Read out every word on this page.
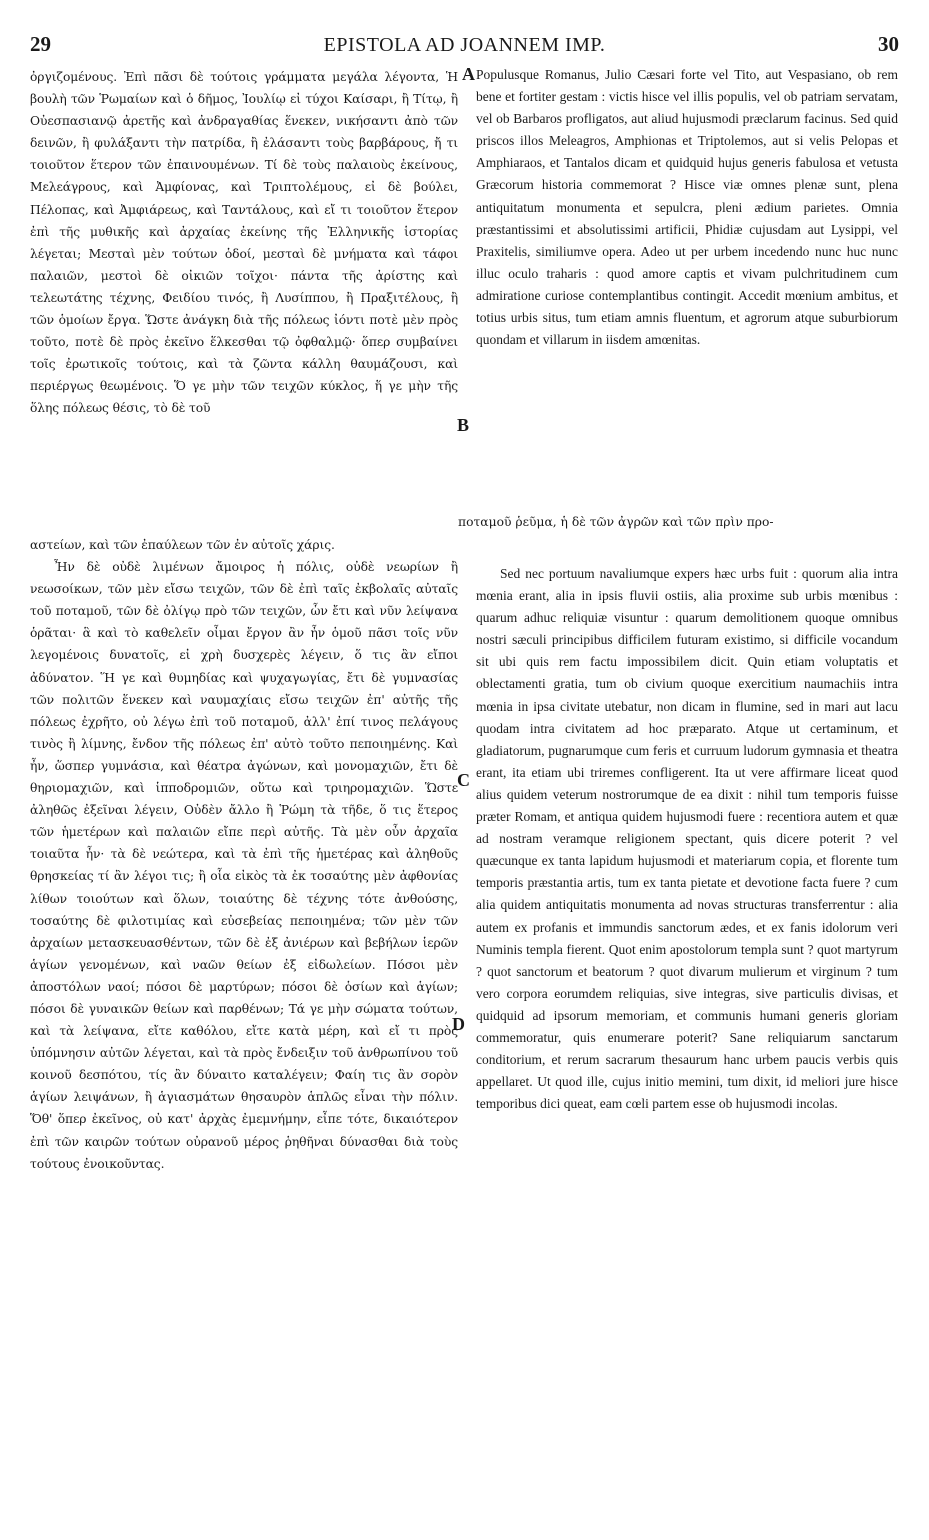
29	EPISTOLA AD JOANNEM IMP.	30

ὀργιζομένους. Ἐπὶ πᾶσι δὲ τούτοις γράμματα μεγάλα λέγοντα, Ἡ βουλὴ τῶν Ῥωμαίων καὶ ὁ δῆμος, Ἰουλίῳ εἰ τύχοι Καίσαρι, ἢ Τίτῳ, ἢ Οὐεσπασιανῷ ἀρετῆς καὶ ἀνδραγαθίας ἕνεκεν, νικήσαντι ἀπὸ τῶν δεινῶν, ἢ φυλάξαντι τὴν πατρίδα, ἢ ἐλάσαντι τοὺς βαρβάρους, ἤ τι τοιοῦτον ἕτερον τῶν ἐπαινουμένων. Τί δὲ τοὺς παλαιοὺς ἐκείνους, Μελεάγρους, καὶ Ἀμφίονας, καὶ Τριπτολέμους, εἰ δὲ βούλει, Πέλοπας, καὶ Ἀμφιάρεως, καὶ Ταντάλους, καὶ εἴ τι τοιοῦτον ἕτερον ἐπὶ τῆς μυθικῆς καὶ ἀρχαίας ἐκείνης τῆς Ἑλληνικῆς ἱστορίας λέγεται; Μεσταὶ μὲν τούτων ὁδοί, μεσταὶ δὲ μνήματα καὶ τάφοι παλαιῶν, μεστοὶ δὲ οἰκιῶν τοῖχοι· πάντα τῆς ἀρίστης καὶ τελεωτάτης τέχνης, Φειδίου τινός, ἢ Λυσίππου, ἢ Πραξιτέλους, ἢ τῶν ὁμοίων ἔργα. Ὥστε ἀνάγκη διὰ τῆς πόλεως ἰόντι ποτὲ μὲν πρὸς τοῦτο, ποτὲ δὲ πρὸς ἐκεῖνο ἕλκεσθαι τῷ ὀφθαλμῷ· ὅπερ συμβαίνει τοῖς ἐρωτικοῖς τούτοις, καὶ τὰ ζῶντα κάλλη θαυμάζουσι, καὶ περιέργως θεωμένοις. Ὅ γε μὴν τῶν τειχῶν κύκλος, ἥ γε μὴν τῆς ὅλης πόλεως θέσις, τὸ δὲ τοῦ

Populusque Romanus, Julio Cæsari forte vel Tito, aut Vespasiano, ob rem bene et fortiter gestam : victis hisce vel illis populis, vel ob patriam servatam, vel ob Barbaros profligatos, aut aliud hujusmodi præclarum facinus. Sed quid priscos illos Meleagros, Amphionas et Triptolemos, aut si velis Pelopas et Amphiaraos, et Tantalos dicam et quidquid hujus generis fabulosa et vetusta Græcorum historia commemorat ? Hisce viæ omnes plenæ sunt, plena antiquitatum monumenta et sepulcra, pleni ædium parietes. Omnia præstantissimi et absolutissimi artificii, Phidiæ cujusdam aut Lysippi, vel Praxitelis, similiumve opera. Adeo ut per urbem incedendo nunc huc nunc illuc oculo traharis : quod amore captis et vivam pulchritudinem cum admiratione curiose contemplantibus contingit. Accedit mœnium ambitus, et totius urbis situs, tum etiam amnis fluentum, et agrorum atque suburbiorum quondam et villarum in iisdem amœnitas.

ποταμοῦ ῥεῦμα, ἡ δὲ τῶν ἀγρῶν καὶ τῶν πρὶν προ-

αστείων, καὶ τῶν ἐπαύλεων τῶν ἐν αὐτοῖς χάρις.

Ἦν δὲ οὐδὲ λιμένων ἄμοιρος ἡ πόλις, οὐδὲ νεωρίων ἢ νεωσοίκων, τῶν μὲν εἴσω τειχῶν, τῶν δὲ ἐπὶ ταῖς ἐκβολαῖς αὐταῖς τοῦ ποταμοῦ, τῶν δὲ ὀλίγῳ πρὸ τῶν τειχῶν, ὧν ἔτι καὶ νῦν λείψανα ὁρᾶται· ἃ καὶ τὸ καθελεῖν οἶμαι ἔργον ἂν ἦν ὁμοῦ πᾶσι τοῖς νῦν λεγομένοις δυνατοῖς, εἰ χρὴ δυσχερὲς λέγειν, ὅ τις ἂν εἴποι ἀδύνατον. Ἥ γε καὶ θυμηδίας καὶ ψυχαγωγίας, ἔτι δὲ γυμνασίας τῶν πολιτῶν ἕνεκεν καὶ ναυμαχίαις εἴσω τειχῶν ἐπ' αὐτῆς τῆς πόλεως ἐχρῆτο, οὐ λέγω ἐπὶ τοῦ ποταμοῦ, ἀλλ' ἐπί τινος πελάγους τινὸς ἢ λίμνης, ἔνδον τῆς πόλεως ἐπ' αὐτὸ τοῦτο πεποιημένης. Καὶ ἦν, ὥσπερ γυμνάσια, καὶ θέατρα ἀγώνων, καὶ μονομαχιῶν, ἔτι δὲ θηριομαχιῶν, καὶ ἱπποδρομιῶν, οὕτω καὶ τριηρομαχιῶν. Ὥστε ἀληθῶς ἐξεῖναι λέγειν, Οὐδὲν ἄλλο ἢ Ῥώμη τὰ τῆδε, ὅ τις ἕτερος τῶν ἡμετέρων καὶ παλαιῶν εἴπε περὶ αὐτῆς. Τὰ μὲν οὖν ἀρχαῖα τοιαῦτα ἦν· τὰ δὲ νεώτερα, καὶ τὰ ἐπὶ τῆς ἡμετέρας καὶ ἀληθοῦς θρησκείας τί ἂν λέγοι τις; ἢ οἷα εἰκὸς τὰ ἐκ τοσαύτης μὲν ἀφθονίας λίθων τοιούτων καὶ ὅλων, τοιαύτης δὲ τέχνης τότε ἀνθούσης, τοσαύτης δὲ φιλοτιμίας καὶ εὐσεβείας πεποιημένα; τῶν μὲν τῶν ἀρχαίων μετασκευασθέντων, τῶν δὲ ἐξ ἀνιέρων καὶ βεβήλων ἱερῶν ἁγίων γενομένων, καὶ ναῶν θείων ἐξ εἰδωλείων. Πόσοι μὲν ἀποστόλων ναοί; πόσοι δὲ μαρτύρων; πόσοι δὲ ὁσίων καὶ ἁγίων; πόσοι δὲ γυναικῶν θείων καὶ παρθένων; Τά γε μὴν σώματα τούτων, καὶ τὰ λείψανα, εἴτε καθόλου, εἴτε κατὰ μέρη, καὶ εἴ τι πρὸς ὑπόμνησιν αὐτῶν λέγεται, καὶ τὰ πρὸς ἔνδειξιν τοῦ ἀνθρωπίνου τοῦ κοινοῦ δεσπότου, τίς ἂν δύναιτο καταλέγειν; Φαίη τις ἂν σορὸν ἁγίων λειψάνων, ἢ ἁγιασμάτων θησαυρὸν ἁπλῶς εἶναι τὴν πόλιν. Ὅθ' ὅπερ ἐκεῖνος, οὐ κατ' ἀρχὰς ἐμεμνήμην, εἶπε τότε, δικαιότερον ἐπὶ τῶν καιρῶν τούτων οὐρανοῦ μέρος ῥηθῆναι δύνασθαι διὰ τοὺς τούτους ἐνοικοῦντας.

Sed nec portuum navaliumque expers hæc urbs fuit : quorum alia intra mœnia erant, alia in ipsis fluvii ostiis, alia proxime sub urbis mœnibus : quarum adhuc reliquiæ visuntur : quarum demolitionem quoque omnibus nostri sæculi principibus difficilem futuram existimo, si difficile vocandum sit ubi quis rem factu impossibilem dicit. Quin etiam voluptatis et oblectamenti gratia, tum ob civium quoque exercitium naumachiis intra mœnia in ipsa civitate utebatur, non dicam in flumine, sed in mari aut lacu quodam intra civitatem ad hoc præparato. Atque ut certaminum, et gladiatorum, pugnarumque cum feris et curruum ludorum gymnasia et theatra erant, ita etiam ubi triremes confligerent. Ita ut vere affirmare liceat quod alius quidem veterum nostrorumque de ea dixit : nihil tum temporis fuisse præter Romam, et antiqua quidem hujusmodi fuere : recentiora autem et quæ ad nostram veramque religionem spectant, quis dicere poterit ? vel quæcunque ex tanta lapidum hujusmodi et materiarum copia, et florente tum temporis præstantia artis, tum ex tanta pietate et devotione facta fuere ? cum alia quidem antiquitatis monumenta ad novas structuras transferrentur : alia autem ex profanis et immundis sanctorum ædes, et ex fanis idolorum veri Numinis templa fierent. Quot enim apostolorum templa sunt ? quot martyrum ? quot sanctorum et beatorum ? quot divarum mulierum et virginum ? tum vero corpora eorumdem reliquias, sive integras, sive particulis divisas, et quidquid ad ipsorum memoriam, et communis humani generis gloriam commemoratur, quis enumerare poterit? Sane reliquiarum sanctarum conditorium, et rerum sacrarum thesaurum hanc urbem paucis verbis quis appellaret. Ut quod ille, cujus initio memini, tum dixit, id meliori jure hisce temporibus dici queat, eam cœli partem esse ob hujusmodi incolas.

A
B
C
D
